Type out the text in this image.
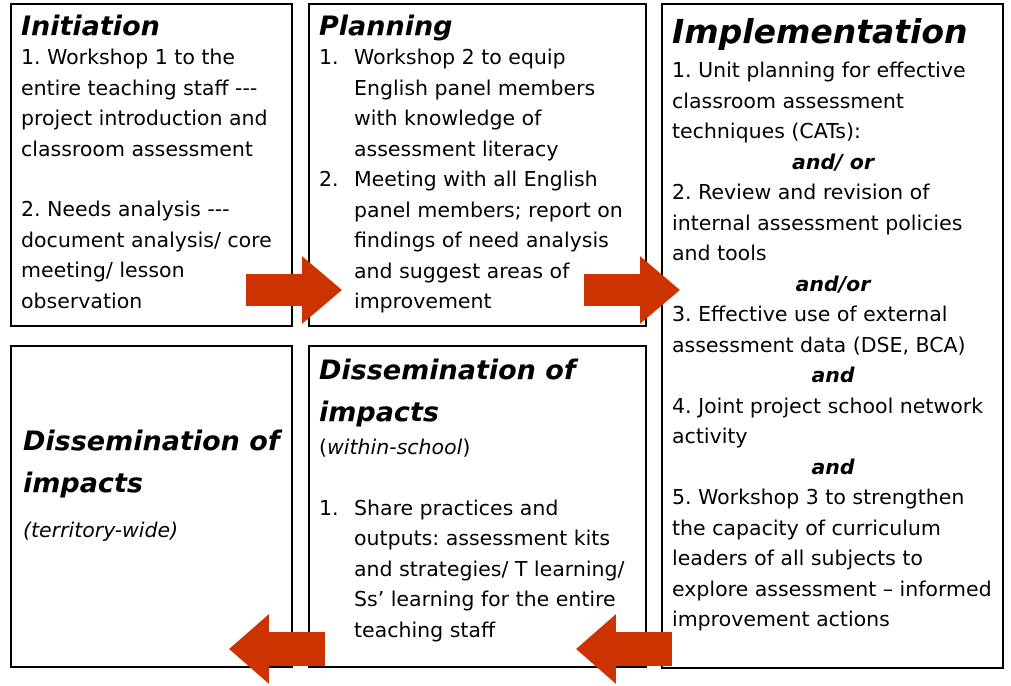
Initiation
1. Workshop 1 to the entire teaching staff --- project introduction and classroom assessment
2. Needs analysis --- document analysis/ core meeting/ lesson observation
Planning
1. Workshop 2 to equip English panel members with knowledge of assessment literacy
2. Meeting with all English panel members; report on findings of need analysis and suggest areas of improvement
Implementation
1. Unit planning for effective classroom assessment techniques (CATs):
and/ or
2. Review and revision of internal assessment policies and tools
and/or
3. Effective use of external assessment data (DSE, BCA)
and
4. Joint project school network activity
and
5. Workshop 3 to strengthen the capacity of curriculum leaders of all subjects to explore assessment – informed improvement actions
Dissemination of impacts
(within-school)
1. Share practices and outputs: assessment kits and strategies/ T learning/ Ss’ learning for the entire teaching staff
Dissemination of impacts
(territory-wide)
